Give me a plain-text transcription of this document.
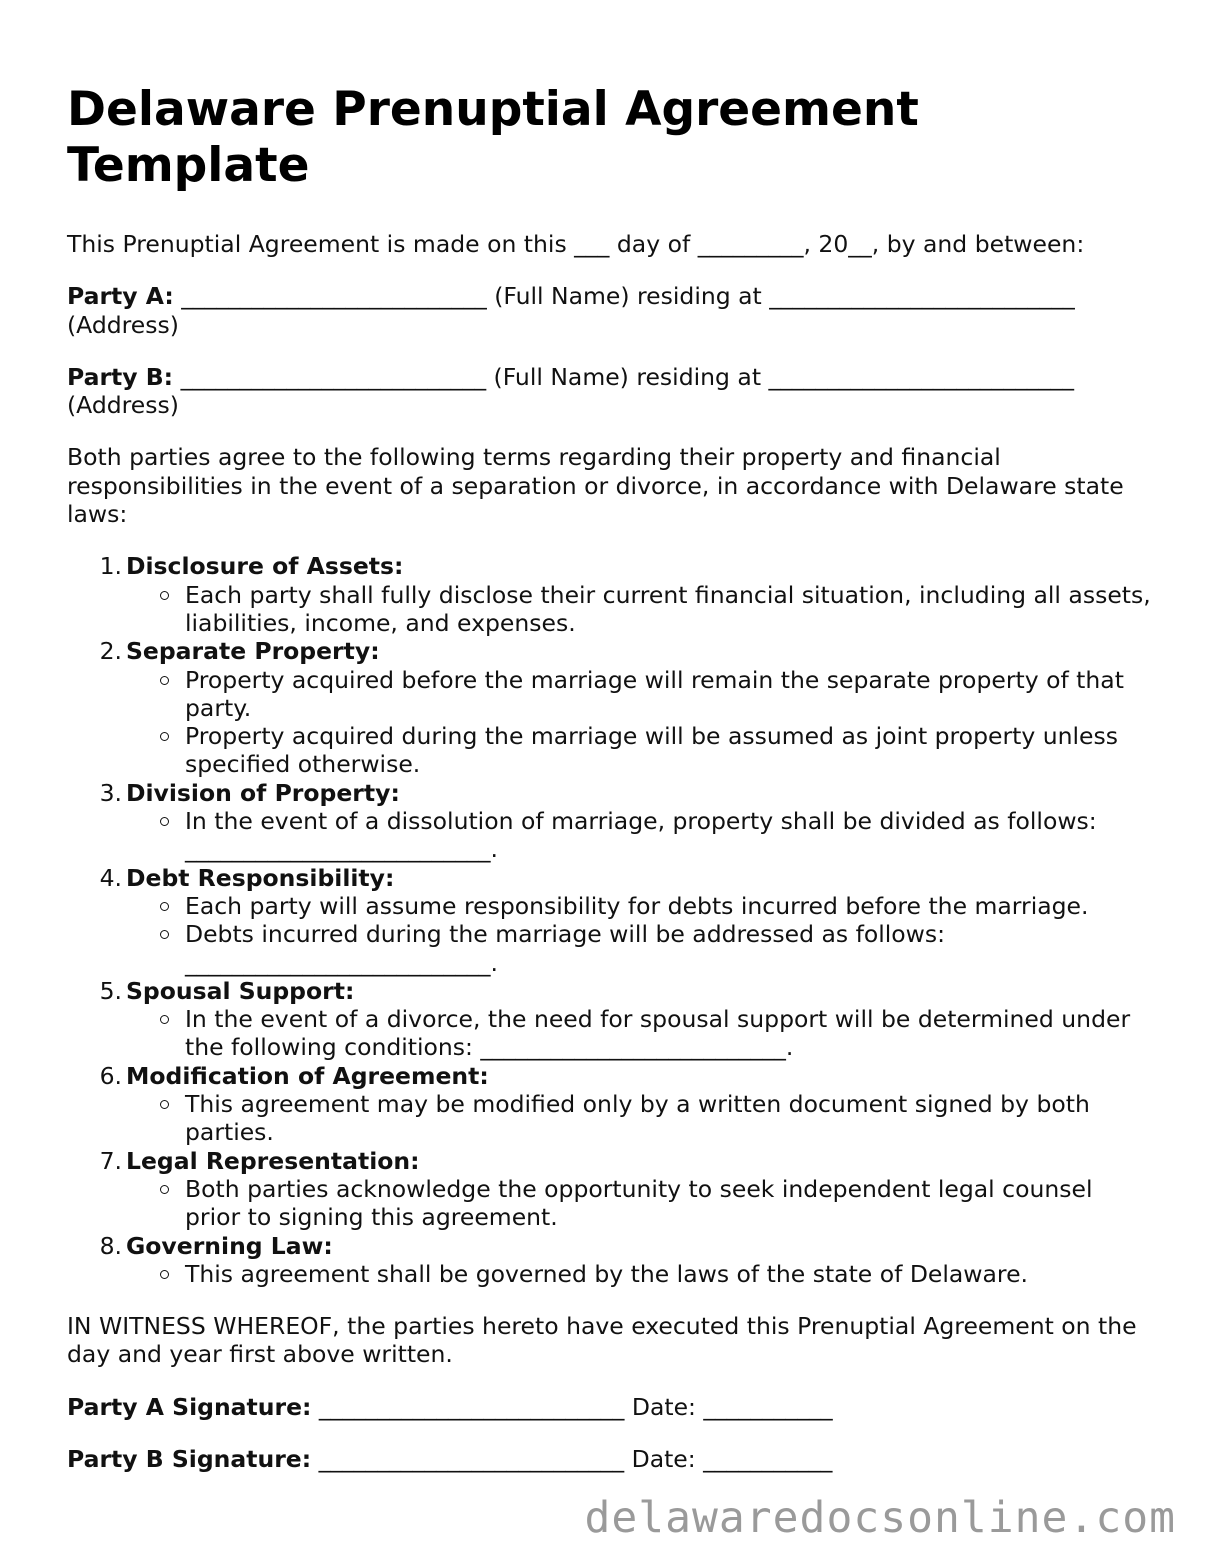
Delaware Prenuptial Agreement Template

This Prenuptial Agreement is made on this ___ day of _________, 20__, by and between:

Party A: __________________________ (Full Name) residing at __________________________ (Address)

Party B: __________________________ (Full Name) residing at __________________________ (Address)

Both parties agree to the following terms regarding their property and financial responsibilities in the event of a separation or divorce, in accordance with Delaware state laws:

1. Disclosure of Assets:
Each party shall fully disclose their current financial situation, including all assets, liabilities, income, and expenses.
2. Separate Property:
Property acquired before the marriage will remain the separate property of that party.
Property acquired during the marriage will be assumed as joint property unless specified otherwise.
3. Division of Property:
In the event of a dissolution of marriage, property shall be divided as follows: __________________________.
4. Debt Responsibility:
Each party will assume responsibility for debts incurred before the marriage.
Debts incurred during the marriage will be addressed as follows: __________________________.
5. Spousal Support:
In the event of a divorce, the need for spousal support will be determined under the following conditions: __________________________.
6. Modification of Agreement:
This agreement may be modified only by a written document signed by both parties.
7. Legal Representation:
Both parties acknowledge the opportunity to seek independent legal counsel prior to signing this agreement.
8. Governing Law:
This agreement shall be governed by the laws of the state of Delaware.

IN WITNESS WHEREOF, the parties hereto have executed this Prenuptial Agreement on the day and year first above written.

Party A Signature: __________________________ Date: ___________

Party B Signature: __________________________ Date: ___________

delawaredocsonline.com
